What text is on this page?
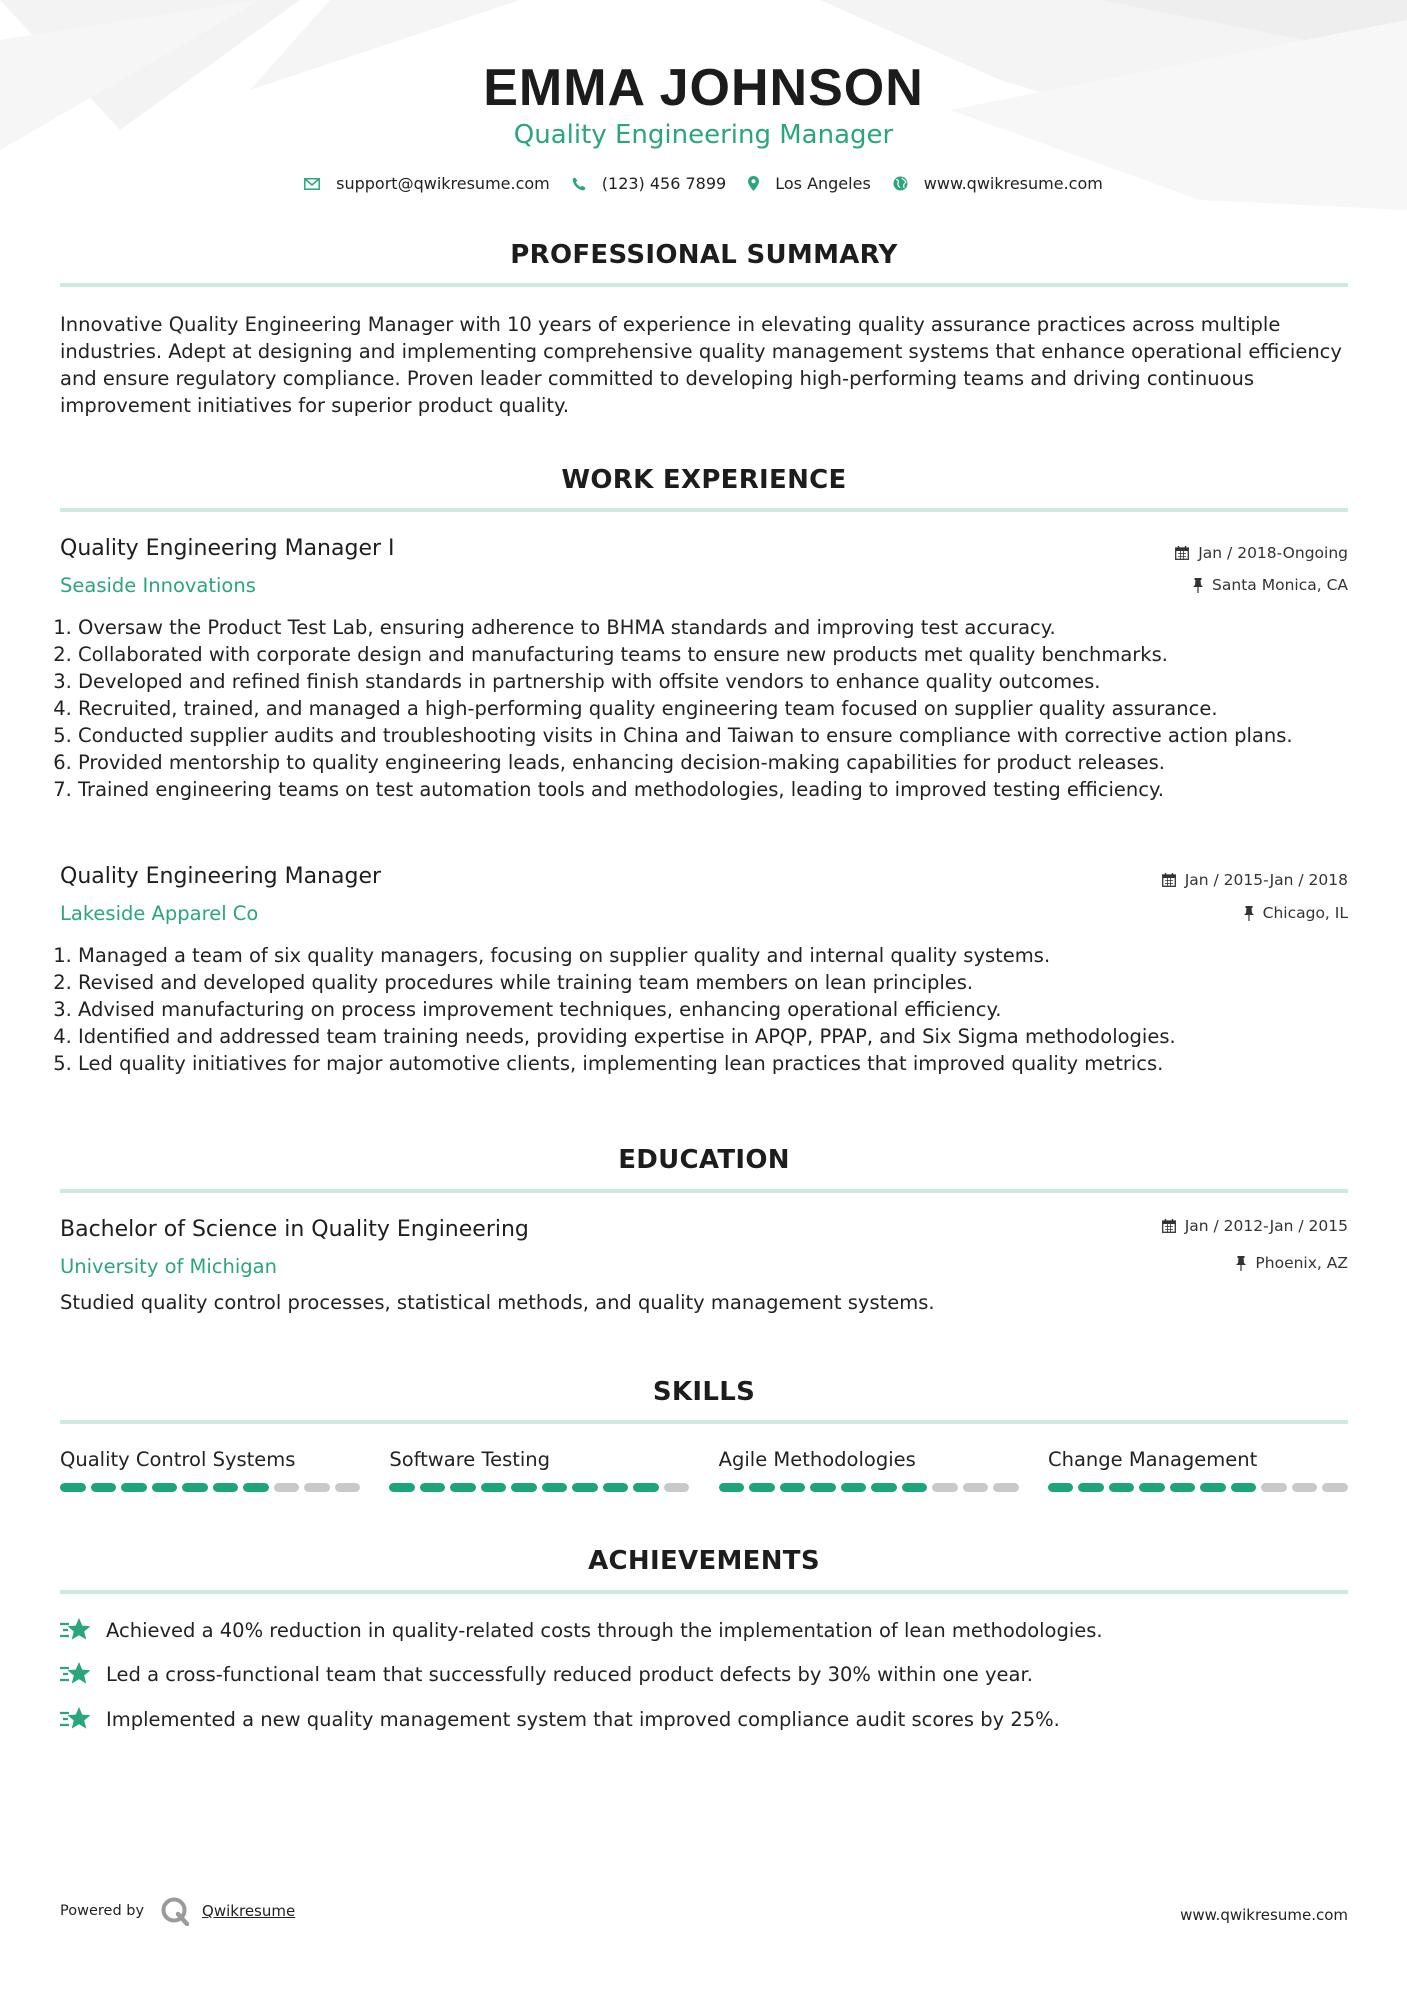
EMMA JOHNSON

Quality Engineering Manager

support@qwikresume.com	(123) 456 7899	Los Angeles	www.qwikresume.com
PROFESSIONAL SUMMARY

Innovative Quality Engineering Manager with 10 years of experience in elevating quality assurance practices across multiple industries. Adept at designing and implementing comprehensive quality management systems that enhance operational efficiency and ensure regulatory compliance. Proven leader committed to developing high-performing teams and driving continuous improvement initiatives for superior product quality.

WORK EXPERIENCE

Quality Engineering Manager I

Seaside Innovations

Jan / 2018-Ongoing
Santa Monica, CA
1. Oversaw the Product Test Lab, ensuring adherence to BHMA standards and improving test accuracy.
2. Collaborated with corporate design and manufacturing teams to ensure new products met quality benchmarks.
3. Developed and refined finish standards in partnership with offsite vendors to enhance quality outcomes.
4. Recruited, trained, and managed a high-performing quality engineering team focused on supplier quality assurance.
5. Conducted supplier audits and troubleshooting visits in China and Taiwan to ensure compliance with corrective action plans.
6. Provided mentorship to quality engineering leads, enhancing decision-making capabilities for product releases.
7. Trained engineering teams on test automation tools and methodologies, leading to improved testing efficiency.

Quality Engineering Manager

Lakeside Apparel Co

Jan / 2015-Jan / 2018
Chicago, IL
1. Managed a team of six quality managers, focusing on supplier quality and internal quality systems.
2. Revised and developed quality procedures while training team members on lean principles.
3. Advised manufacturing on process improvement techniques, enhancing operational efficiency.
4. Identified and addressed team training needs, providing expertise in APQP, PPAP, and Six Sigma methodologies.
5. Led quality initiatives for major automotive clients, implementing lean practices that improved quality metrics.
EDUCATION

Bachelor of Science in Quality Engineering

University of Michigan

Jan / 2012-Jan / 2015
Phoenix, AZ

Studied quality control processes, statistical methods, and quality management systems.

SKILLS

Quality Control Systems	Software Testing	Agile Methodologies	Change Management

ACHIEVEMENTS
Achieved a 40% reduction in quality-related costs through the implementation of lean methodologies.
Led a cross-functional team that successfully reduced product defects by 30% within one year.
Implemented a new quality management system that improved compliance audit scores by 25%.
Powered by	Qwikresume	www.qwikresume.com
